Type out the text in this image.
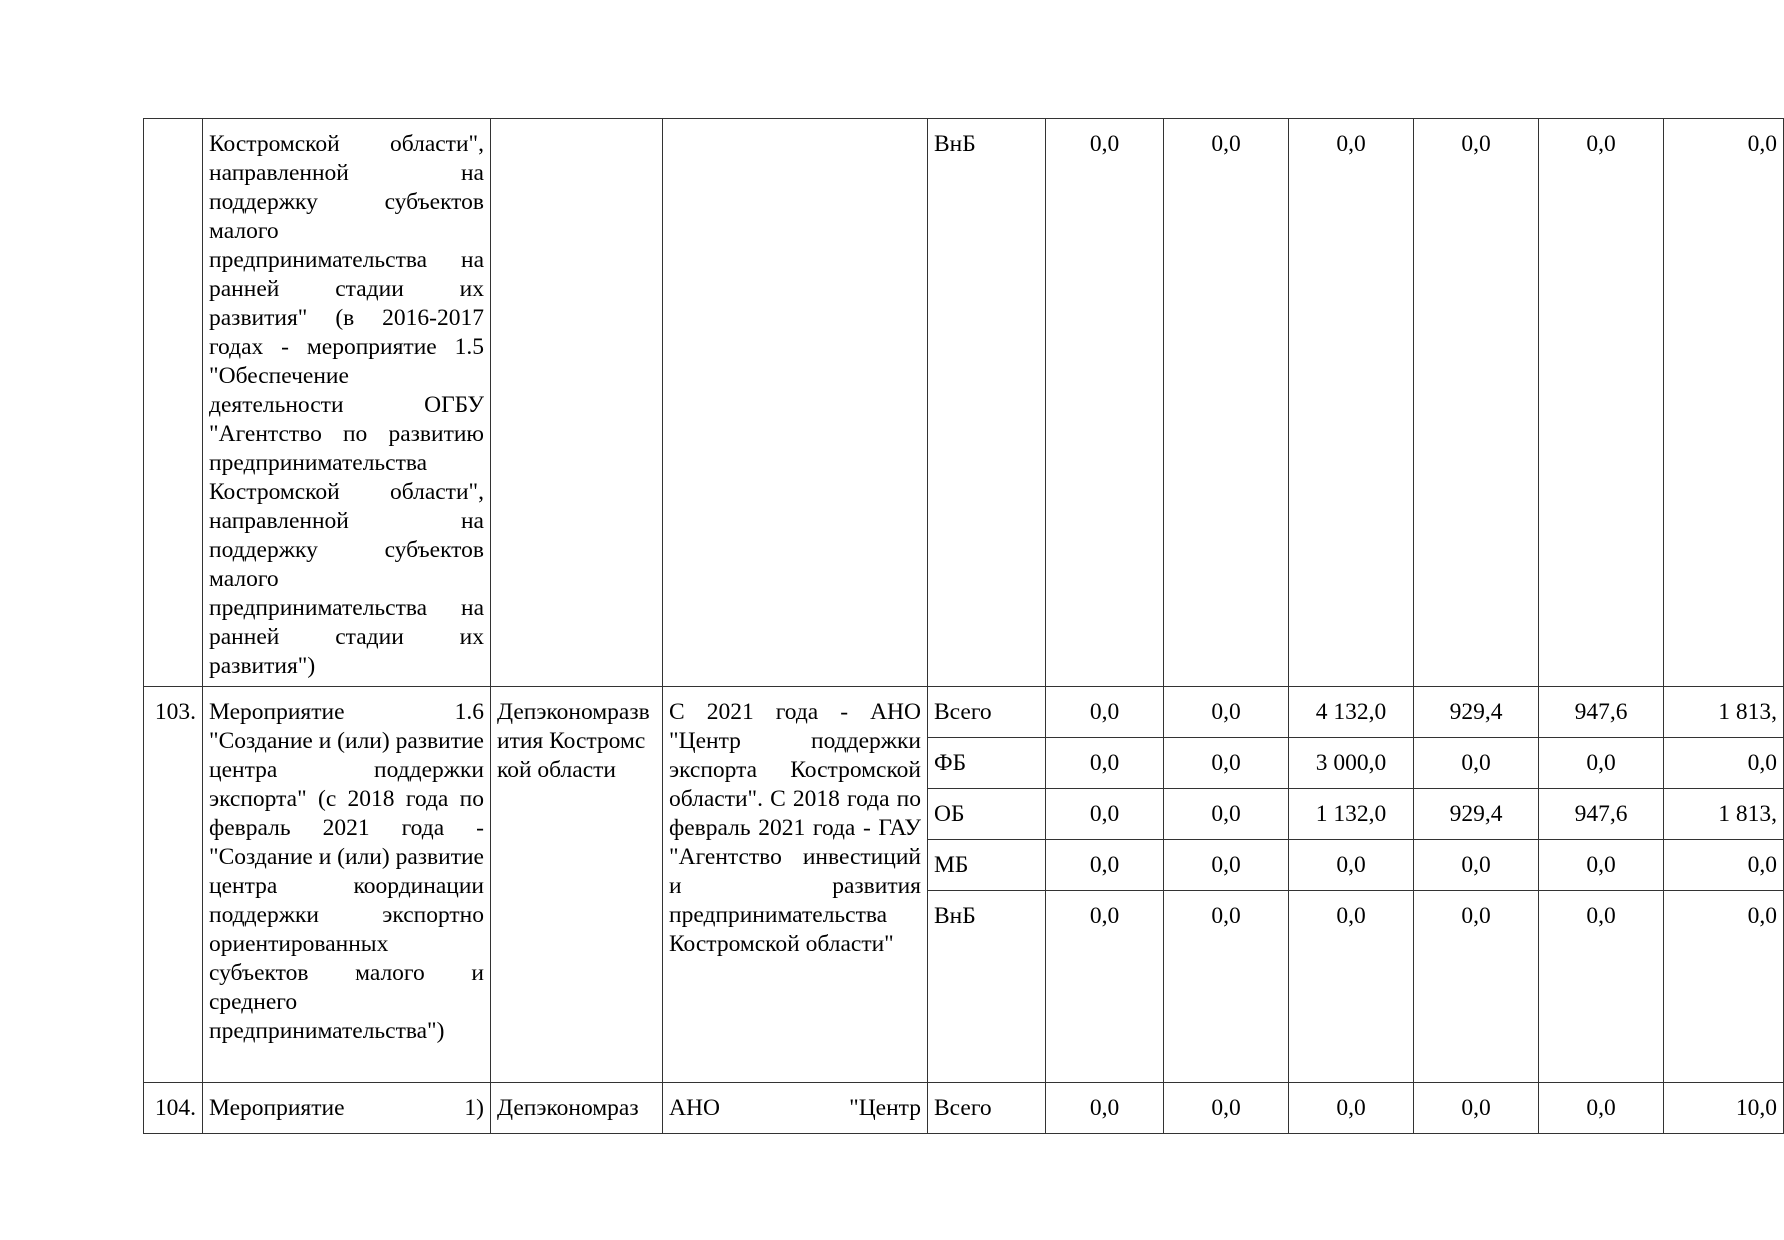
	Костромской области", направленной на поддержку субъектов малого предпринимательства на ранней стадии их развития" (в 2016-2017 годах - мероприятие 1.5 "Обеспечение деятельности ОГБУ "Агентство по развитию предпринимательства Костромской области", направленной на поддержку субъектов малого предпринимательства на ранней стадии их развития")			ВнБ	0,0	0,0	0,0	0,0	0,0	0,0
103.	Мероприятие 1.6 "Создание и (или) развитие центра поддержки экспорта" (с 2018 года по февраль 2021 года - "Создание и (или) развитие центра координации поддержки экспортно ориентированных субъектов малого и среднего предпринимательства")	Депэкономразвития Костромской области	С 2021 года - АНО "Центр поддержки экспорта Костромской области". С 2018 года по февраль 2021 года - ГАУ "Агентство инвестиций и развития предпринимательства Костромской области"	Всего	0,0	0,0	4 132,0	929,4	947,6	1 813,
				ФБ	0,0	0,0	3 000,0	0,0	0,0	0,0
				ОБ	0,0	0,0	1 132,0	929,4	947,6	1 813,
				МБ	0,0	0,0	0,0	0,0	0,0	0,0
				ВнБ	0,0	0,0	0,0	0,0	0,0	0,0
104.	Мероприятие 1)	Депэкономраз	АНО "Центр	Всего	0,0	0,0	0,0	0,0	0,0	10,0
